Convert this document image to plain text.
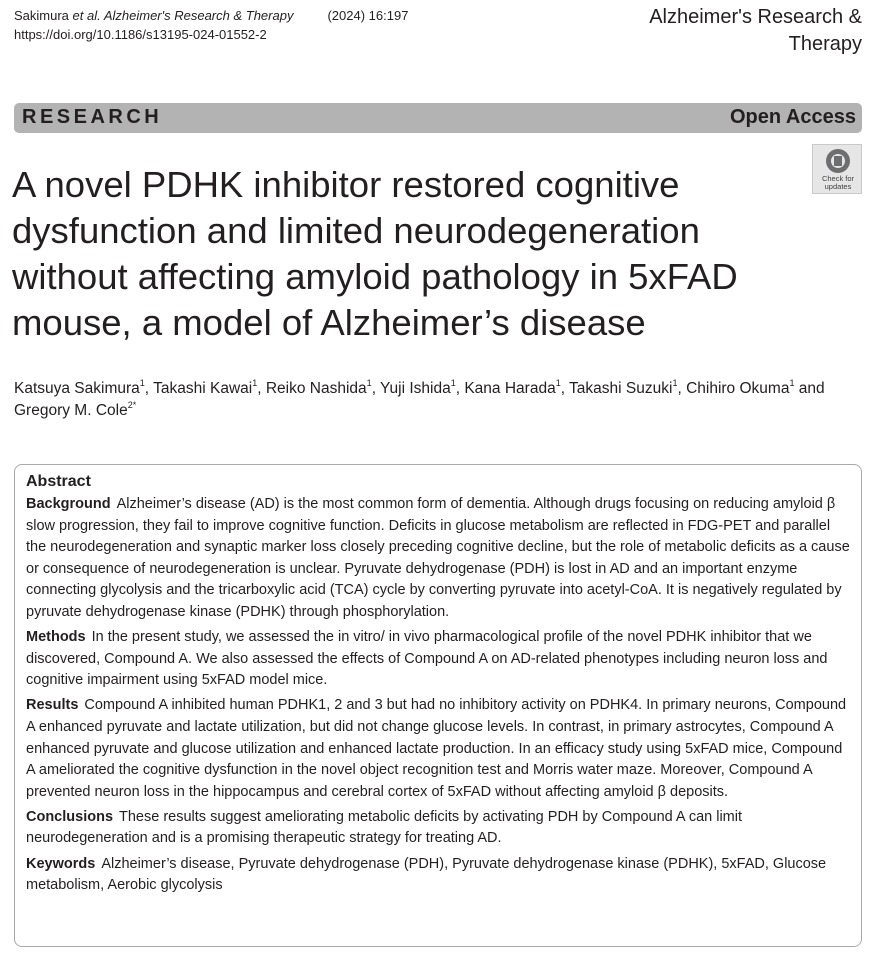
Sakimura et al. Alzheimer's Research & Therapy	(2024) 16:197
https://doi.org/10.1186/s13195-024-01552-2
Alzheimer's Research & Therapy
RESEARCH	Open Access
Check for
updates
A novel PDHK inhibitor restored cognitive dysfunction and limited neurodegeneration without affecting amyloid pathology in 5xFAD mouse, a model of Alzheimer’s disease
Katsuya Sakimura$^1$, Takashi Kawai$^1$, Reiko Nashida$^1$, Yuji Ishida$^1$, Kana Harada$^1$, Takashi Suzuki$^1$, Chihiro Okuma$^1$ and Gregory M. Cole$^{2*}$
Abstract

Background Alzheimer’s disease (AD) is the most common form of dementia. Although drugs focusing on reducing amyloid β slow progression, they fail to improve cognitive function. Deficits in glucose metabolism are reflected in FDG-PET and parallel the neurodegeneration and synaptic marker loss closely preceding cognitive decline, but the role of metabolic deficits as a cause or consequence of neurodegeneration is unclear. Pyruvate dehydrogenase (PDH) is lost in AD and an important enzyme connecting glycolysis and the tricarboxylic acid (TCA) cycle by converting pyruvate into acetyl-CoA. It is negatively regulated by pyruvate dehydrogenase kinase (PDHK) through phosphorylation.

Methods In the present study, we assessed the in vitro/ in vivo pharmacological profile of the novel PDHK inhibitor that we discovered, Compound A. We also assessed the effects of Compound A on AD-related phenotypes including neuron loss and cognitive impairment using 5xFAD model mice.

Results Compound A inhibited human PDHK1, 2 and 3 but had no inhibitory activity on PDHK4. In primary neurons, Compound A enhanced pyruvate and lactate utilization, but did not change glucose levels. In contrast, in primary astrocytes, Compound A enhanced pyruvate and glucose utilization and enhanced lactate production. In an efficacy study using 5xFAD mice, Compound A ameliorated the cognitive dysfunction in the novel object recognition test and Morris water maze. Moreover, Compound A prevented neuron loss in the hippocampus and cerebral cortex of 5xFAD without affecting amyloid β deposits.

Conclusions These results suggest ameliorating metabolic deficits by activating PDH by Compound A can limit neurodegeneration and is a promising therapeutic strategy for treating AD.

Keywords Alzheimer’s disease, Pyruvate dehydrogenase (PDH), Pyruvate dehydrogenase kinase (PDHK), 5xFAD, Glucose metabolism, Aerobic glycolysis
